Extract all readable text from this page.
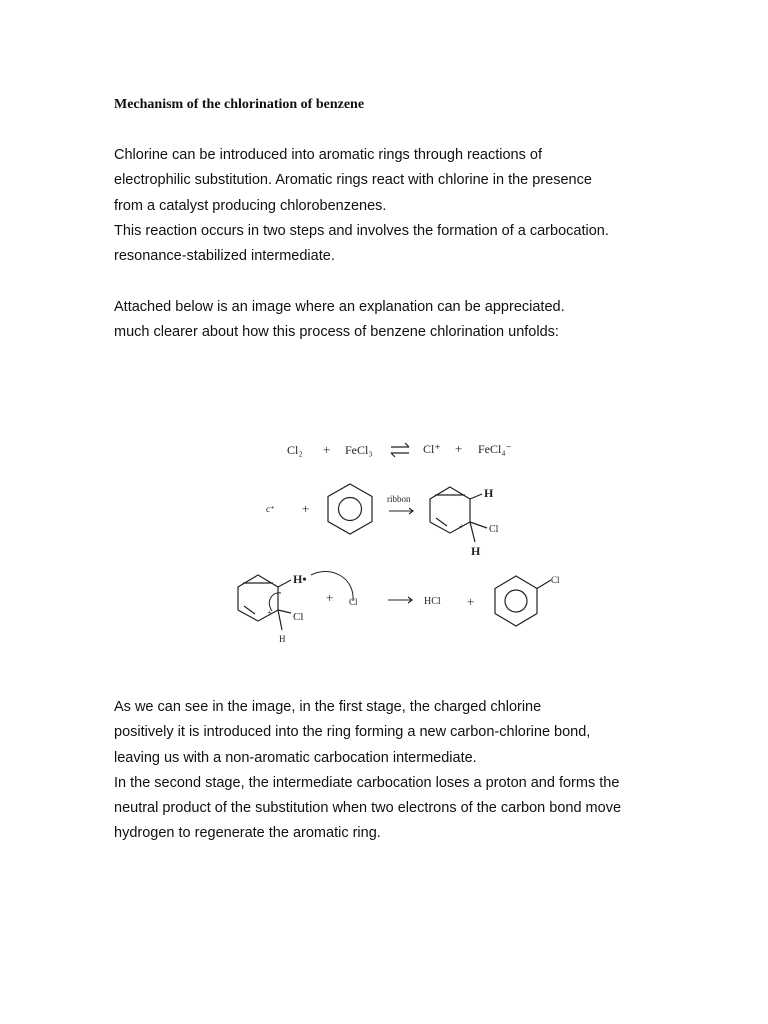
Mechanism of the chlorination of benzene
Chlorine can be introduced into aromatic rings through reactions of
electrophilic substitution. Aromatic rings react with chlorine in the presence
from a catalyst producing chlorobenzenes.
This reaction occurs in two steps and involves the formation of a carbocation.
resonance-stabilized intermediate.
Attached below is an image where an explanation can be appreciated.
much clearer about how this process of benzene chlorination unfolds:
Cl₂ + FeCl₃	Cl⁺ + FeCl₄⁻
c⁺ +
ribbon	H
Cl
H
+
H•
Cl
H
+
+ Cl	HCl +
Cl
As we can see in the image, in the first stage, the charged chlorine
positively it is introduced into the ring forming a new carbon-chlorine bond,
leaving us with a non-aromatic carbocation intermediate.
In the second stage, the intermediate carbocation loses a proton and forms the
neutral product of the substitution when two electrons of the carbon bond move
hydrogen to regenerate the aromatic ring.
